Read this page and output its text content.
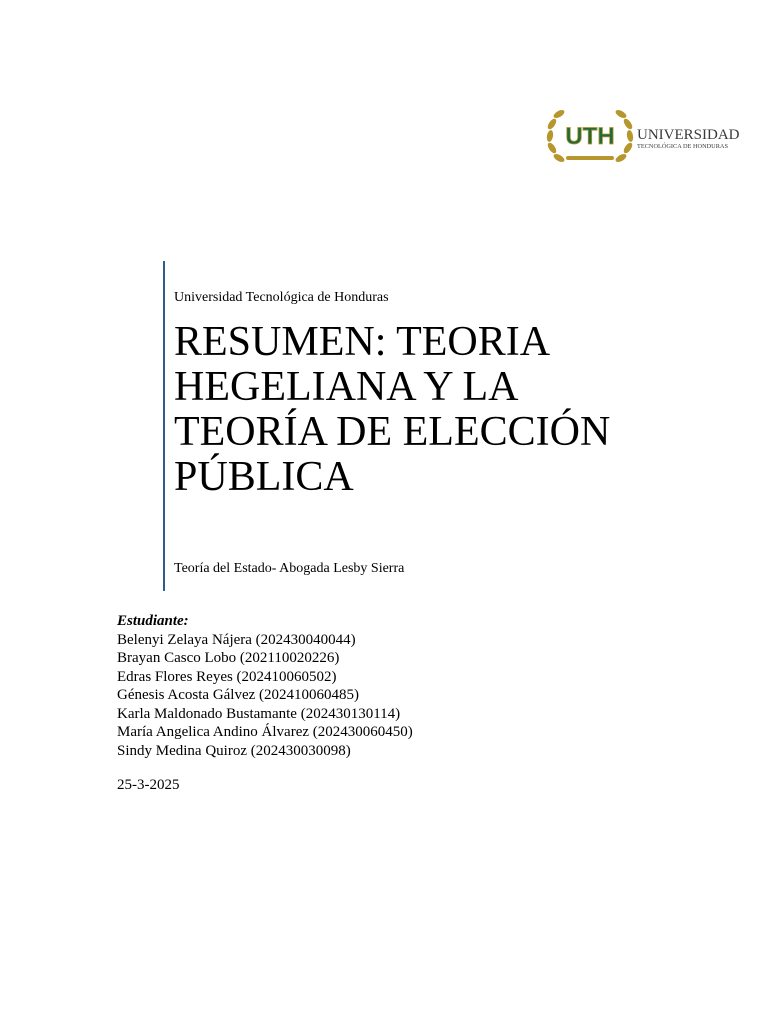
UTH UNIVERSIDAD
TECNOLÓGICA DE HONDURAS
Universidad Tecnológica de Honduras
RESUMEN: TEORIA HEGELIANA Y LA TEORÍA DE ELECCIÓN PÚBLICA
Teoría del Estado- Abogada Lesby Sierra
Estudiante:
Belenyi Zelaya Nájera (202430040044)
Brayan Casco Lobo (202110020226)
Edras Flores Reyes (202410060502)
Génesis Acosta Gálvez (202410060485)
Karla Maldonado Bustamante (202430130114)
María Angelica Andino Álvarez (202430060450)
Sindy Medina Quiroz (202430030098)
25-3-2025
